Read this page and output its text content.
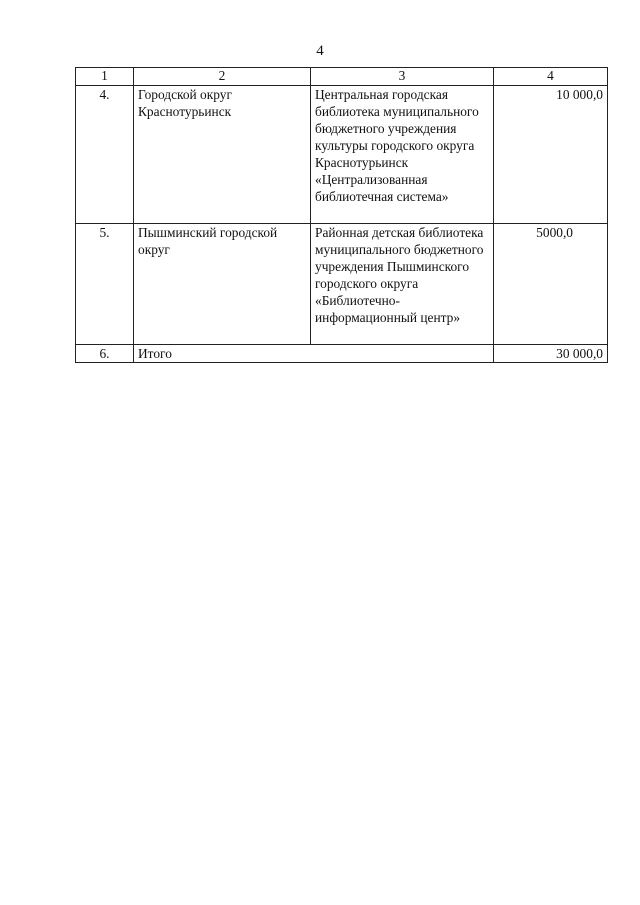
4
1	2	3	4
4.	Городской округ Краснотурьинск	Центральная городская библиотека муниципального бюджетного учреждения культуры городского округа Краснотурьинск «Централизованная библиотечная система»	10 000,0
5.	Пышминский городской округ	Районная детская библиотека муниципального бюджетного учреждения Пышминского городского округа «Библиотечно-информационный центр»	5000,0
6.	Итого		30 000,0
